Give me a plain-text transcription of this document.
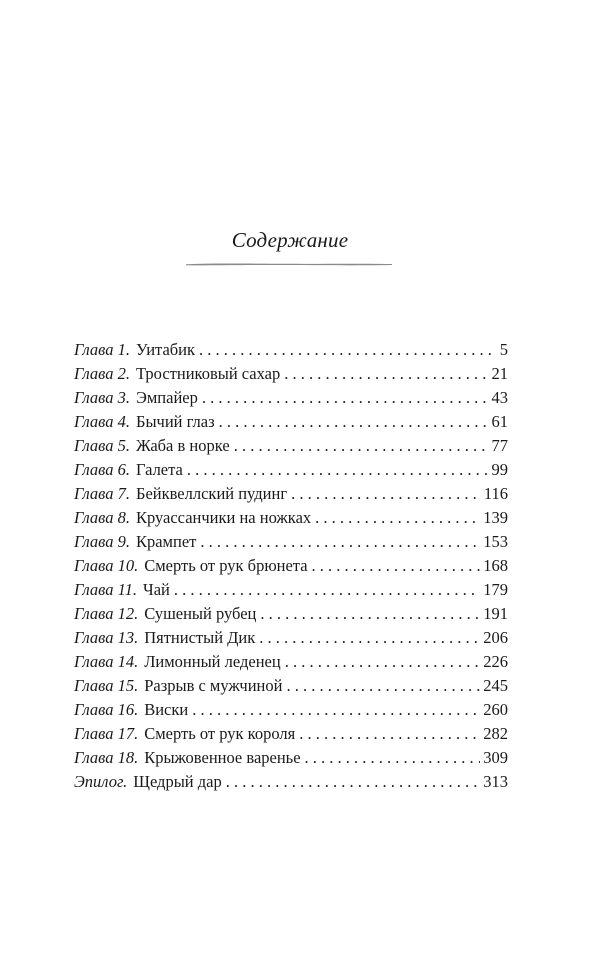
Содержание
Глава 1. Уитабик . . .	5
Глава 2. Тростниковый сахар . . .	21
Глава 3. Эмпайер . . .	43
Глава 4. Бычий глаз . . .	61
Глава 5. Жаба в норке . . .	77
Глава 6. Галета . . .	99
Глава 7. Бейквеллский пудинг . . .	116
Глава 8. Круассанчики на ножках . . .	139
Глава 9. Крампет . . .	153
Глава 10. Смерть от рук брюнета . . .	168
Глава 11. Чай . . .	179
Глава 12. Сушеный рубец . . .	191
Глава 13. Пятнистый Дик . . .	206
Глава 14. Лимонный леденец . . .	226
Глава 15. Разрыв с мужчиной . . .	245
Глава 16. Виски . . .	260
Глава 17. Смерть от рук короля . . .	282
Глава 18. Крыжовенное варенье . . .	309
Эпилог. Щедрый дар . . .	313
